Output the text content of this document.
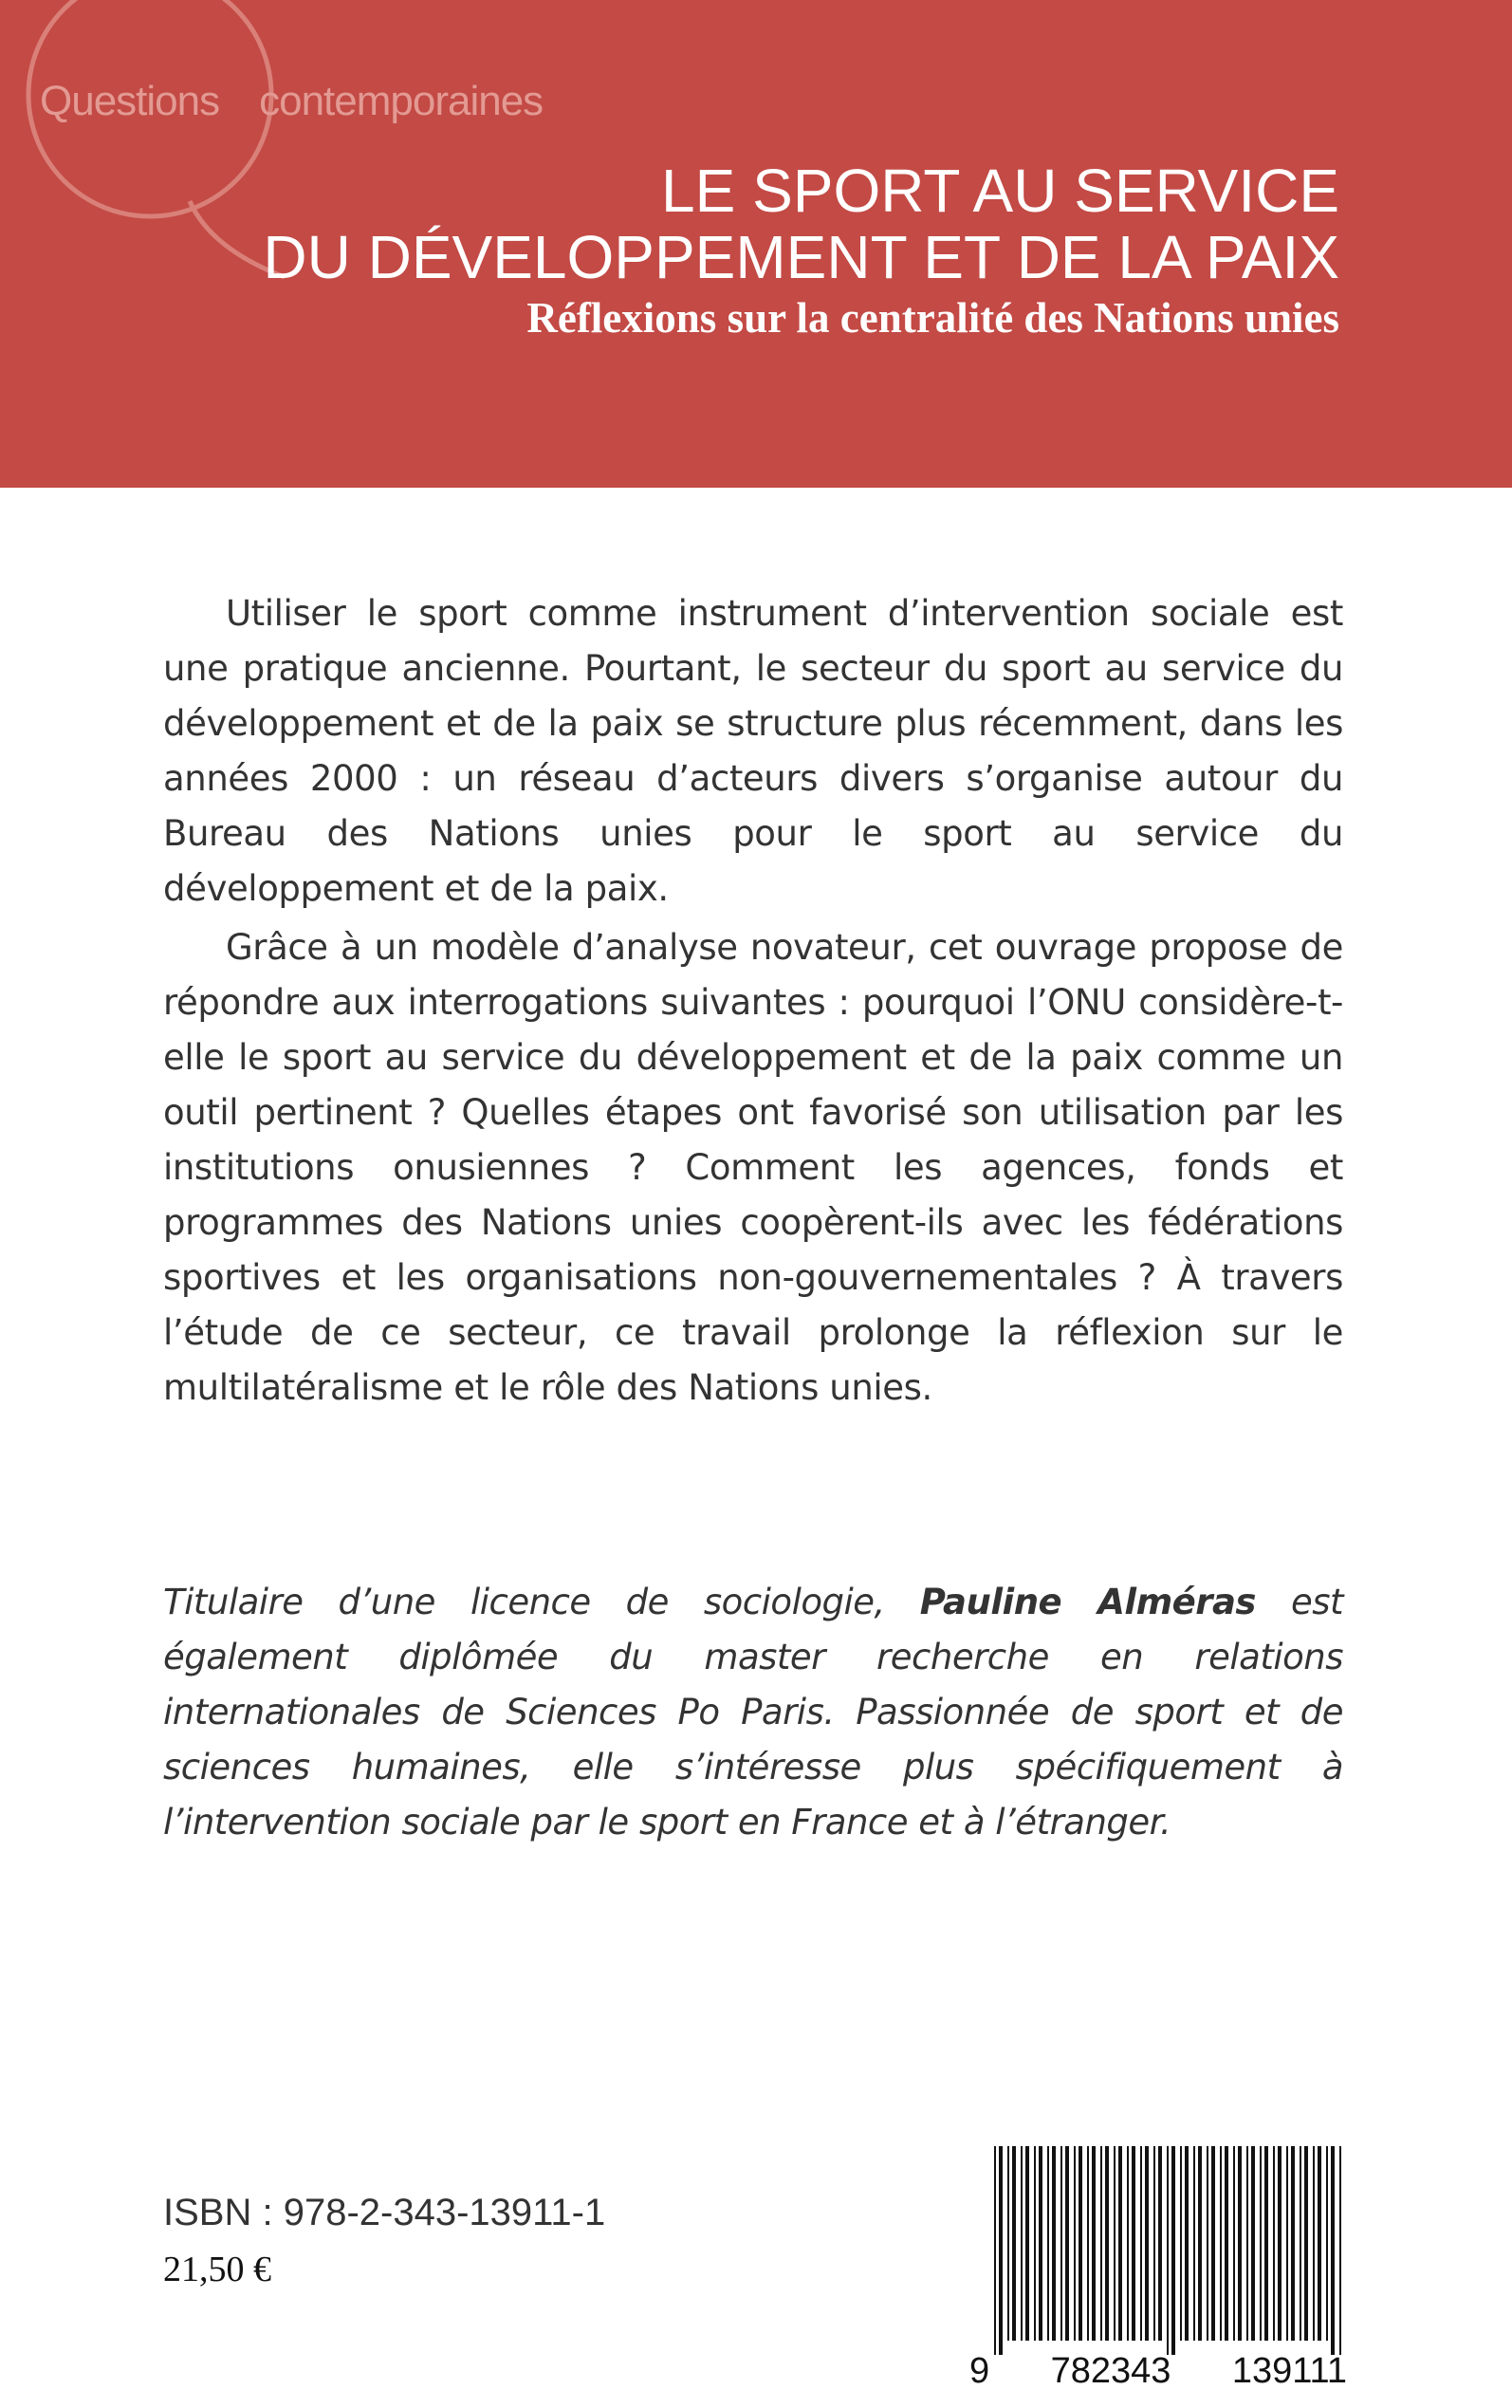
Questions contemporaines
LE SPORT AU SERVICE
DU DÉVELOPPEMENT ET DE LA PAIX
Réflexions sur la centralité des Nations unies

Utiliser le sport comme instrument d’intervention sociale est une pratique ancienne. Pourtant, le secteur du sport au service du développement et de la paix se structure plus récemment, dans les années 2000 : un réseau d’acteurs divers s’organise autour du Bureau des Nations unies pour le sport au service du développement et de la paix.

Grâce à un modèle d’analyse novateur, cet ouvrage propose de répondre aux interrogations suivantes : pourquoi l’ONU considère-t-elle le sport au service du développement et de la paix comme un outil pertinent ? Quelles étapes ont favorisé son utilisation par les institutions onusiennes ? Comment les agences, fonds et programmes des Nations unies coopèrent-ils avec les fédérations sportives et les organisations non-gouvernementales ? À travers l’étude de ce secteur, ce travail prolonge la réflexion sur le multilatéralisme et le rôle des Nations unies.

Titulaire d’une licence de sociologie, Pauline Alméras est également diplômée du master recherche en relations internationales de Sciences Po Paris. Passionnée de sport et de sciences humaines, elle s’intéresse plus spécifiquement à l’intervention sociale par le sport en France et à l’étranger.

ISBN : 978-2-343-13911-1
21,50 €
9 782343 139111
